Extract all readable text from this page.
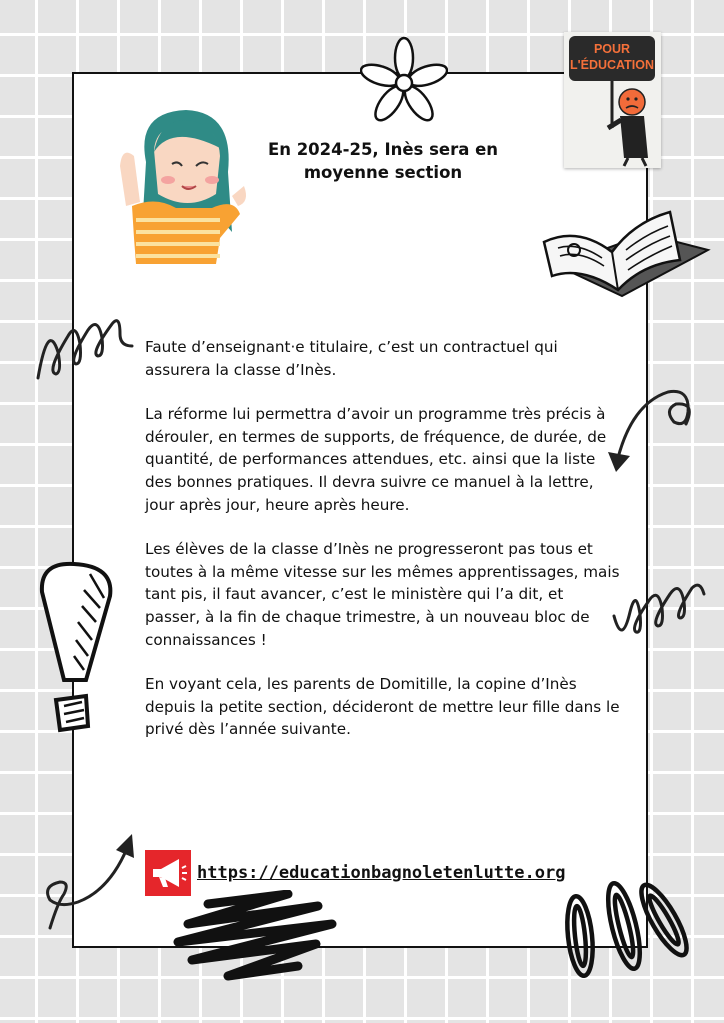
POUR
L'ÉDUCATION
En 2024-25, Inès sera en moyenne section

Faute d’enseignant·e titulaire, c’est un contractuel qui assurera la classe d’Inès.

La réforme lui permettra d’avoir un programme très précis à dérouler, en termes de supports, de fréquence, de durée, de quantité, de performances attendues, etc. ainsi que la liste des bonnes pratiques. Il devra suivre ce manuel à la lettre, jour après jour, heure après heure.

Les élèves de la classe d’Inès ne progresseront pas tous et toutes à la même vitesse sur les mêmes apprentissages, mais tant pis, il faut avancer, c’est le ministère qui l’a dit, et passer, à la fin de chaque trimestre, à un nouveau bloc de connaissances !

En voyant cela, les parents de Domitille, la copine d’Inès depuis la petite section, décideront de mettre leur fille dans le privé dès l’année suivante.

https://educationbagnoletenlutte.org
